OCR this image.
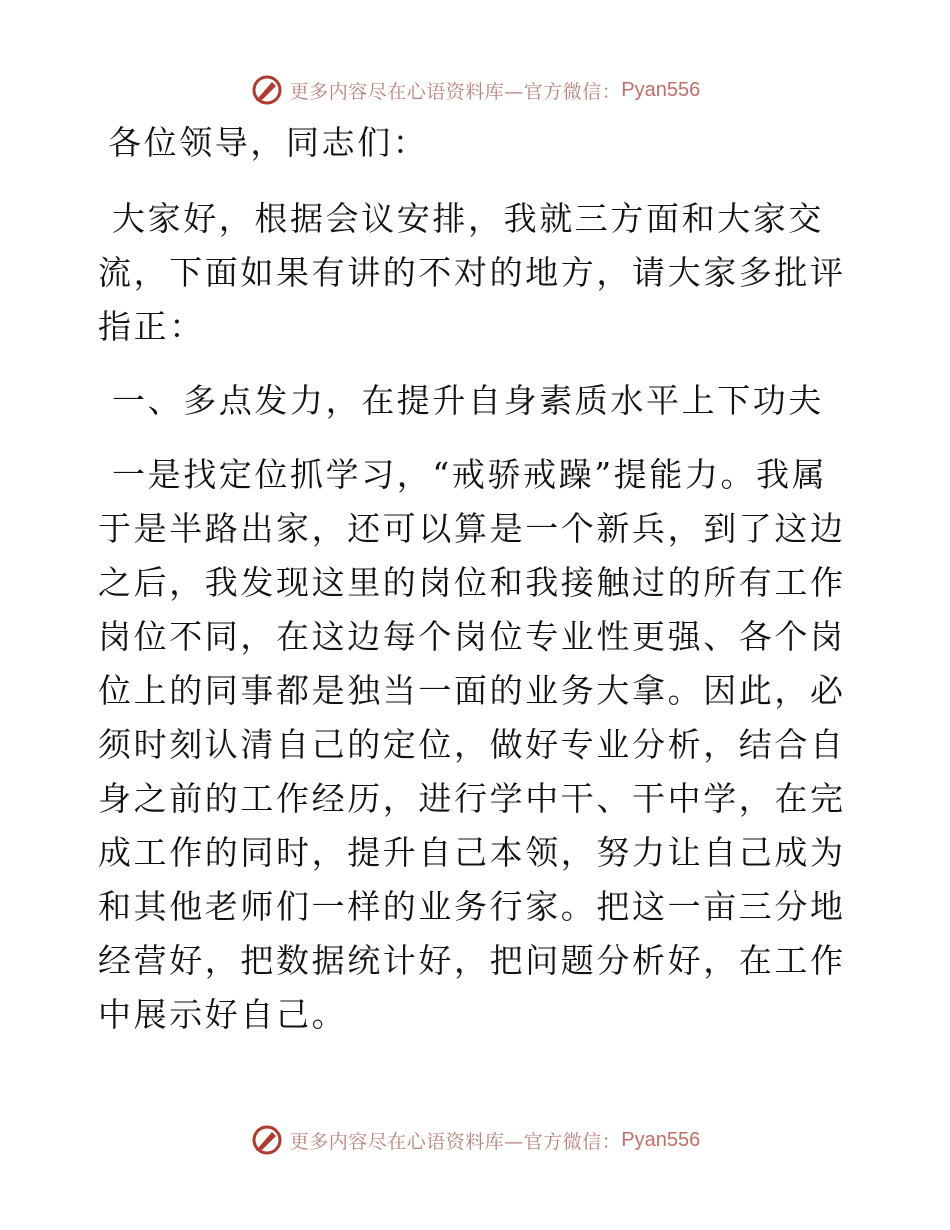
更多内容尽在心语资料库—官方微信： Pyan556

各位领导，同志们：

大家好，根据会议安排，我就三方面和大家交流，下面如果有讲的不对的地方，请大家多批评指正：

一、多点发力，在提升自身素质水平上下功夫

一是找定位抓学习，“戒骄戒躁”提能力。我属于是半路出家，还可以算是一个新兵，到了这边之后，我发现这里的岗位和我接触过的所有工作岗位不同，在这边每个岗位专业性更强、各个岗位上的同事都是独当一面的业务大拿。因此，必须时刻认清自己的定位，做好专业分析，结合自身之前的工作经历，进行学中干、干中学，在完成工作的同时，提升自己本领，努力让自己成为和其他老师们一样的业务行家。把这一亩三分地经营好，把数据统计好，把问题分析好，在工作中展示好自己。

更多内容尽在心语资料库—官方微信： Pyan556
